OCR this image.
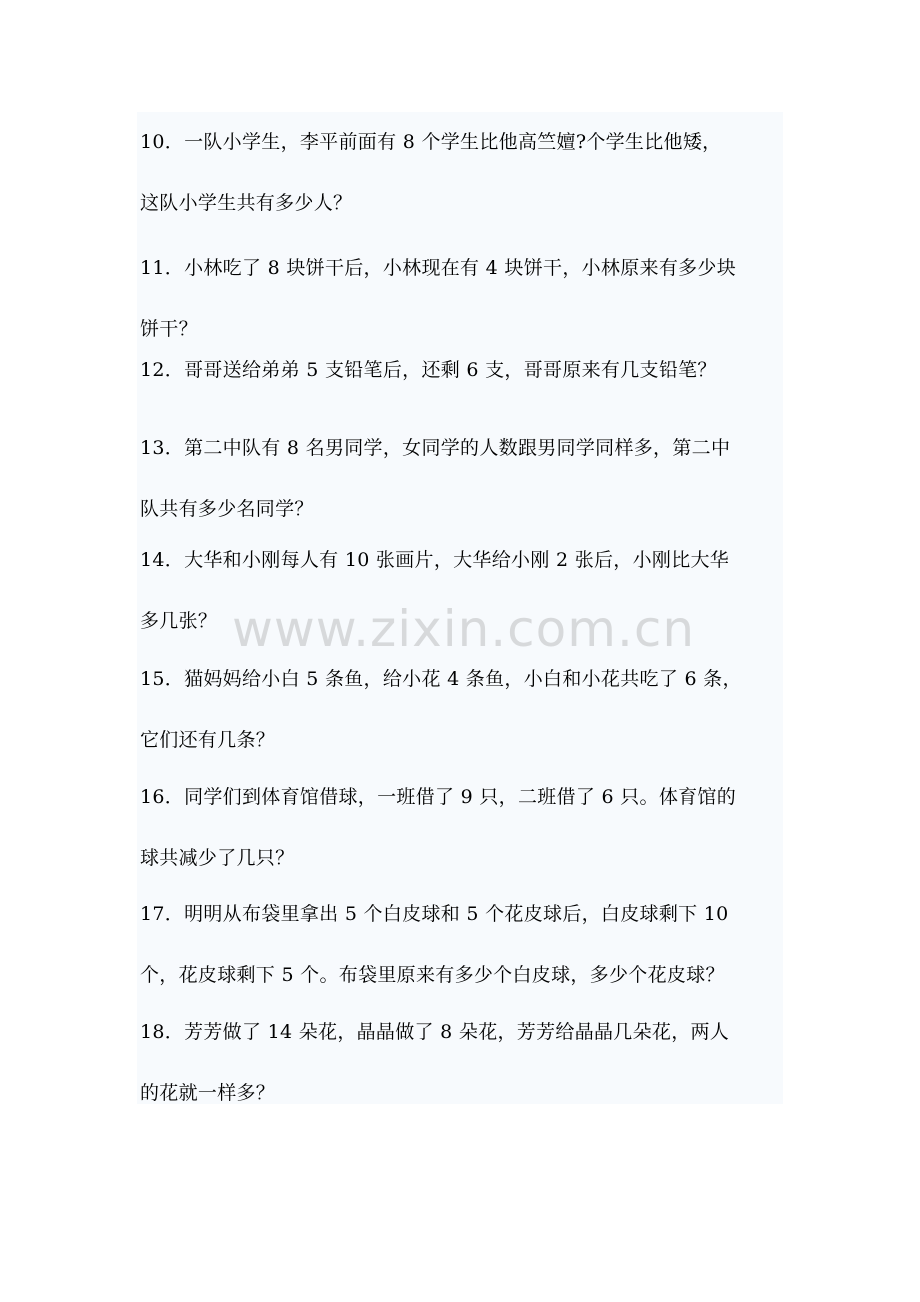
10．一队小学生，李平前面有 8 个学生比他高竺嬗?个学生比他矮，
这队小学生共有多少人？
11．小林吃了 8 块饼干后，小林现在有 4 块饼干，小林原来有多少块
饼干？
12．哥哥送给弟弟 5 支铅笔后，还剩 6 支，哥哥原来有几支铅笔？
13．第二中队有 8 名男同学，女同学的人数跟男同学同样多，第二中
队共有多少名同学？
14．大华和小刚每人有 10 张画片，大华给小刚 2 张后，小刚比大华
多几张？
15．猫妈妈给小白 5 条鱼，给小花 4 条鱼，小白和小花共吃了 6 条，
它们还有几条？
16．同学们到体育馆借球，一班借了 9 只，二班借了 6 只。体育馆的
球共减少了几只？
17．明明从布袋里拿出 5 个白皮球和 5 个花皮球后，白皮球剩下 10
个，花皮球剩下 5 个。布袋里原来有多少个白皮球，多少个花皮球？
18．芳芳做了 14 朵花，晶晶做了 8 朵花，芳芳给晶晶几朵花，两人
的花就一样多？
www.zixin.com.cn
